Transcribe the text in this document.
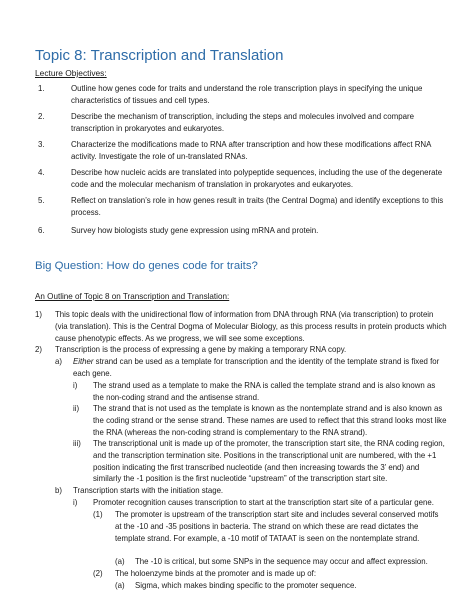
Topic 8: Transcription and Translation
Lecture Objectives:
1.	Outline how genes code for traits and understand the role transcription plays in specifying the unique characteristics of tissues and cell types.
2.	Describe the mechanism of transcription, including the steps and molecules involved and compare transcription in prokaryotes and eukaryotes.
3.	Characterize the modifications made to RNA after transcription and how these modifications affect RNA activity. Investigate the role of un-translated RNAs.
4.	Describe how nucleic acids are translated into polypeptide sequences, including the use of the degenerate code and the molecular mechanism of translation in prokaryotes and eukaryotes.
5.	Reflect on translation’s role in how genes result in traits (the Central Dogma) and identify exceptions to this process.
6.	Survey how biologists study gene expression using mRNA and protein.
Big Question: How do genes code for traits?
An Outline of Topic 8 on Transcription and Translation:
1)	This topic deals with the unidirectional flow of information from DNA through RNA (via transcription) to protein (via translation). This is the Central Dogma of Molecular Biology, as this process results in protein products which cause phenotypic effects. As we progress, we will see some exceptions.
2)	Transcription is the process of expressing a gene by making a temporary RNA copy.
a)	Either strand can be used as a template for transcription and the identity of the template strand is fixed for each gene.
i)	The strand used as a template to make the RNA is called the template strand and is also known as the non-coding strand and the antisense strand.
ii)	The strand that is not used as the template is known as the nontemplate strand and is also known as the coding strand or the sense strand. These names are used to reflect that this strand looks most like the RNA (whereas the non-coding strand is complementary to the RNA strand).
iii)	The transcriptional unit is made up of the promoter, the transcription start site, the RNA coding region, and the transcription termination site. Positions in the transcriptional unit are numbered, with the +1 position indicating the first transcribed nucleotide (and then increasing towards the 3’ end) and similarly the -1 position is the first nucleotide “upstream” of the transcription start site.
b)	Transcription starts with the initiation stage.
i)	Promoter recognition causes transcription to start at the transcription start site of a particular gene.
(1)	The promoter is upstream of the transcription start site and includes several conserved motifs at the -10 and -35 positions in bacteria. The strand on which these are read dictates the template strand. For example, a -10 motif of TATAAT is seen on the nontemplate strand.
(a)	The -10 is critical, but some SNPs in the sequence may occur and affect expression.
(2)	The holoenzyme binds at the promoter and is made up of:
(a)	Sigma, which makes binding specific to the promoter sequence.
